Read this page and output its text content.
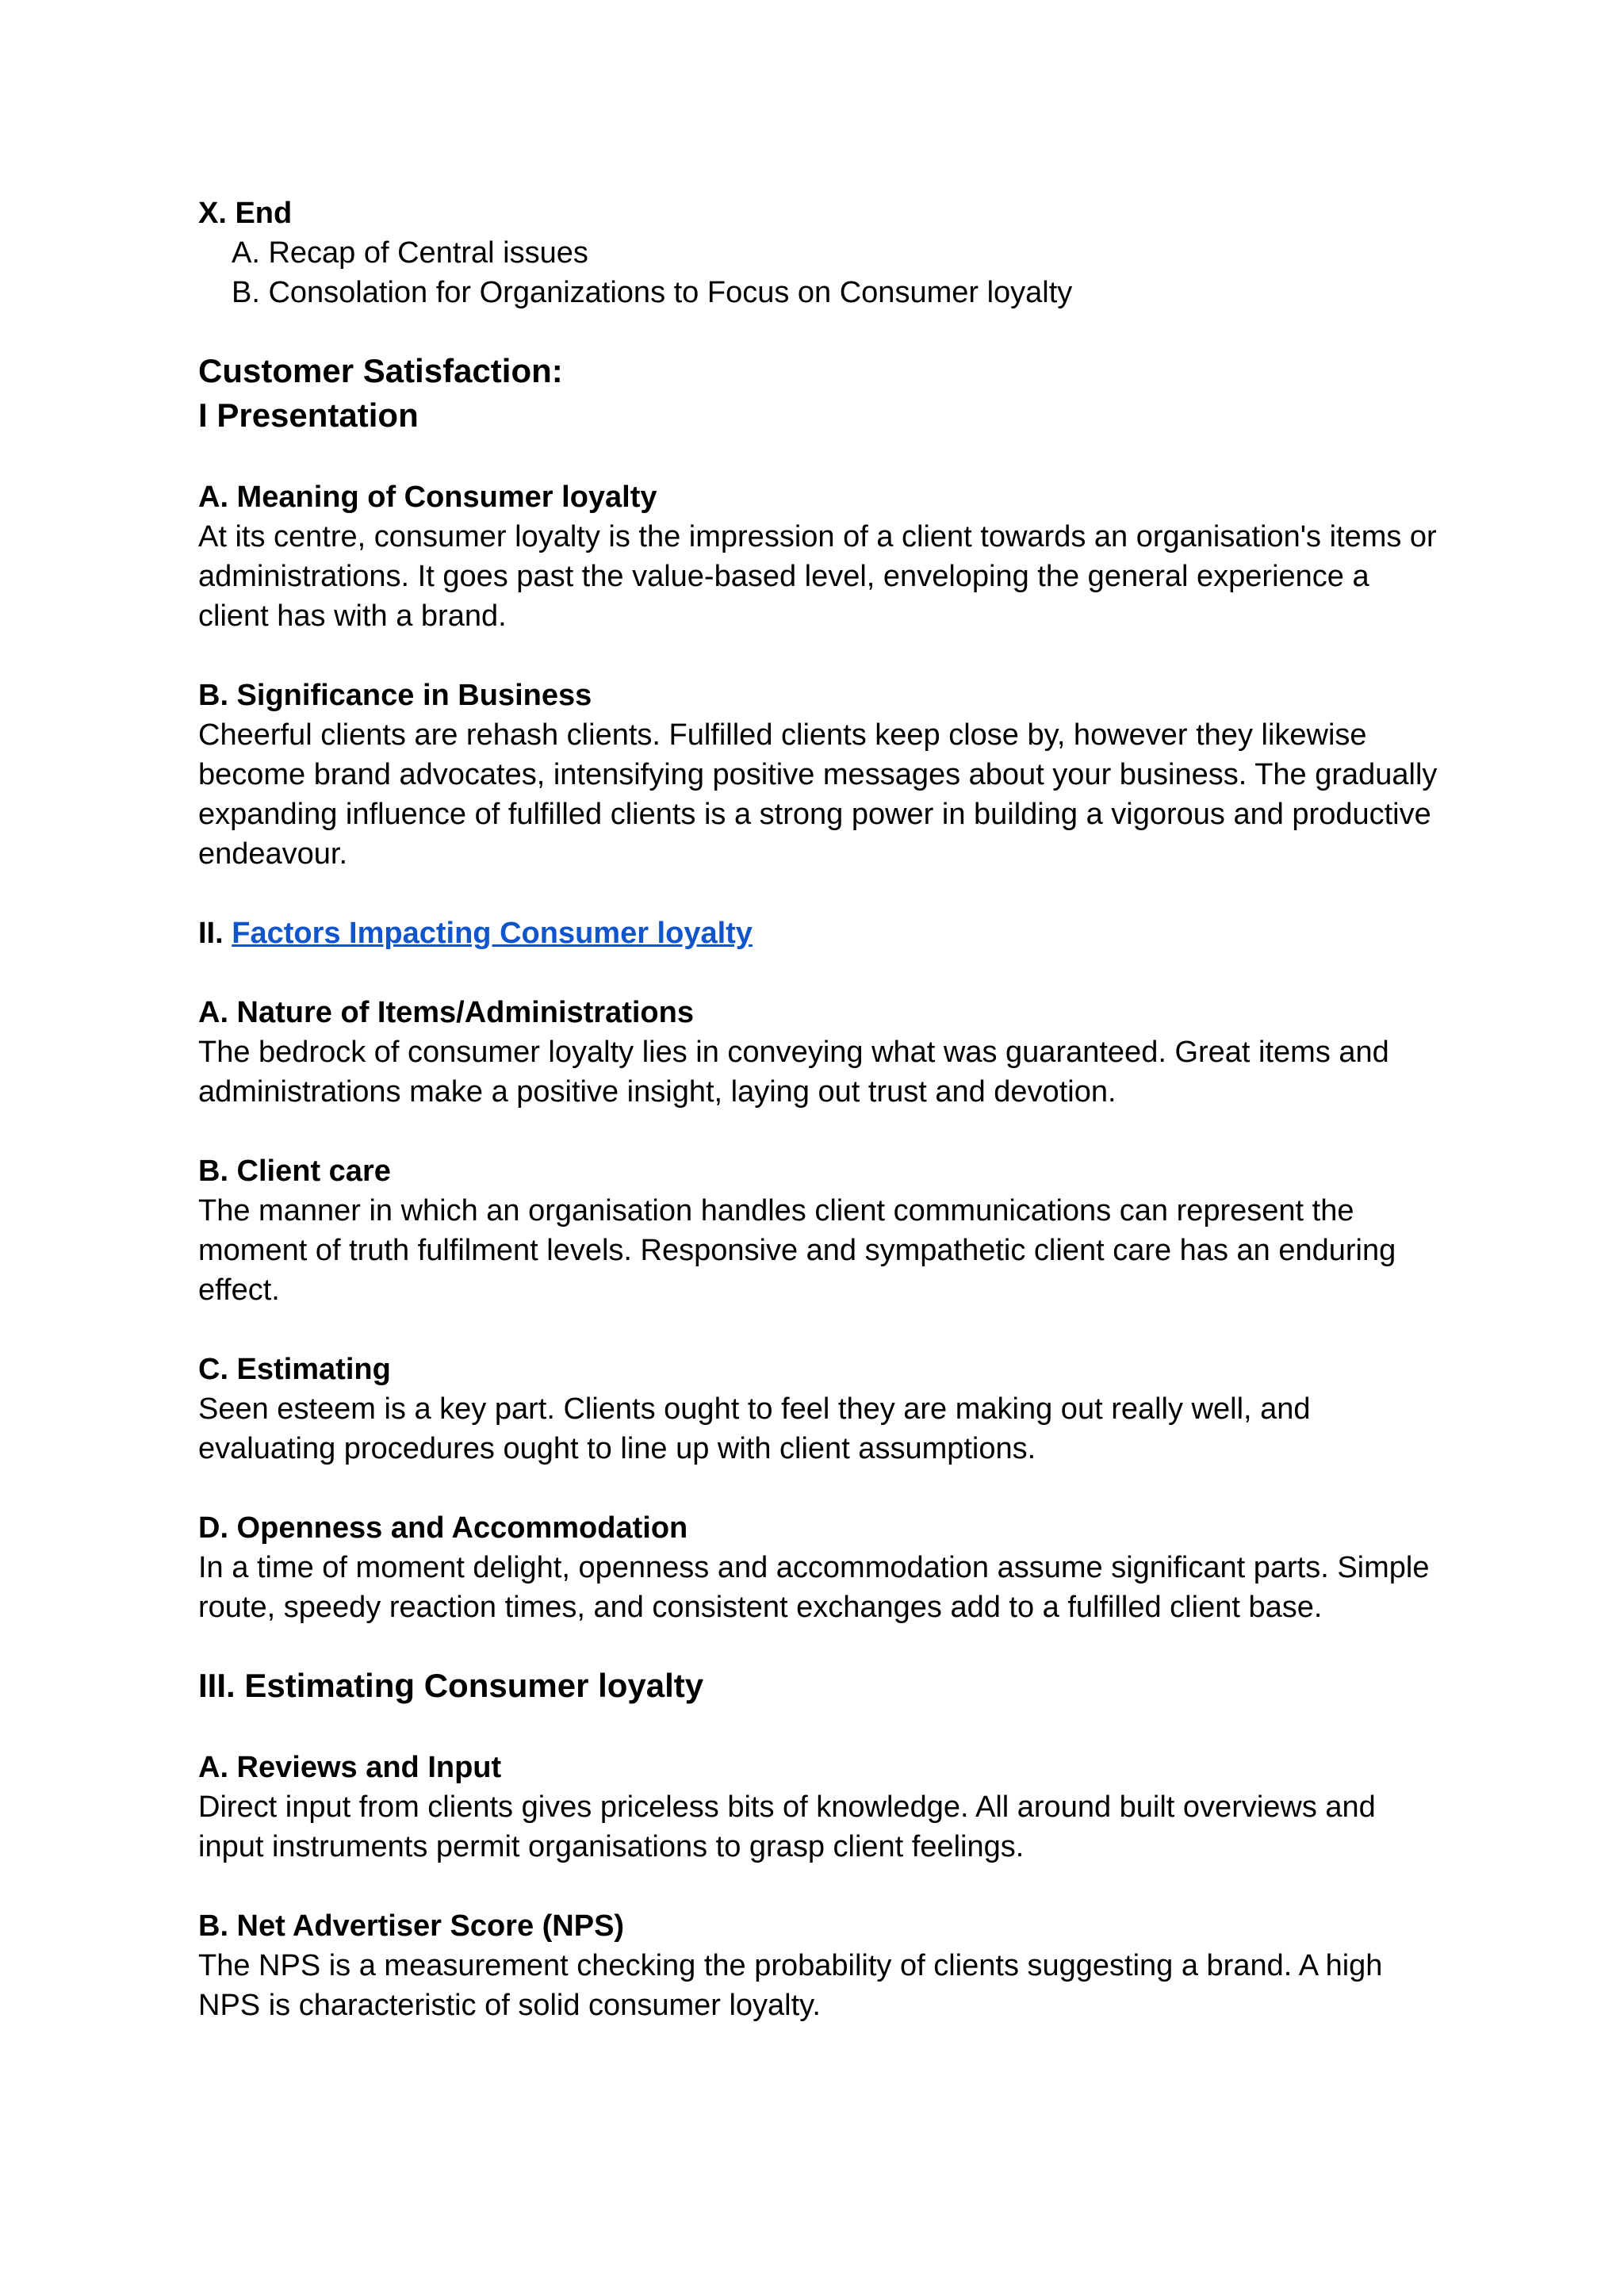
X. End

A. Recap of Central issues

B. Consolation for Organizations to Focus on Consumer loyalty

Customer Satisfaction:

I Presentation

A. Meaning of Consumer loyalty

At its centre, consumer loyalty is the impression of a client towards an organisation's items or administrations. It goes past the value-based level, enveloping the general experience a client has with a brand.

B. Significance in Business

Cheerful clients are rehash clients. Fulfilled clients keep close by, however they likewise become brand advocates, intensifying positive messages about your business. The gradually expanding influence of fulfilled clients is a strong power in building a vigorous and productive endeavour.

II. Factors Impacting Consumer loyalty

A. Nature of Items/Administrations

The bedrock of consumer loyalty lies in conveying what was guaranteed. Great items and administrations make a positive insight, laying out trust and devotion.

B. Client care

The manner in which an organisation handles client communications can represent the moment of truth fulfilment levels. Responsive and sympathetic client care has an enduring effect.

C. Estimating

Seen esteem is a key part. Clients ought to feel they are making out really well, and evaluating procedures ought to line up with client assumptions.

D. Openness and Accommodation

In a time of moment delight, openness and accommodation assume significant parts. Simple route, speedy reaction times, and consistent exchanges add to a fulfilled client base.

III. Estimating Consumer loyalty

A. Reviews and Input

Direct input from clients gives priceless bits of knowledge. All around built overviews and input instruments permit organisations to grasp client feelings.

B. Net Advertiser Score (NPS)

The NPS is a measurement checking the probability of clients suggesting a brand. A high NPS is characteristic of solid consumer loyalty.
